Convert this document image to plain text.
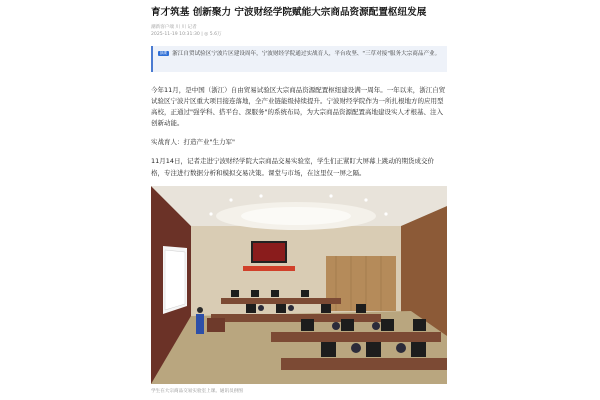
育才筑基 创新聚力 宁波财经学院赋能大宗商品资源配置枢纽发展
潮新客户端 川 川 记者
2025-11-19 10:31:30 | ◎ 5.6万
摘要 浙江自贸试验区宁波片区建设周年，宁波财经学院通过实战育人，平台攻坚、"三草对接"服务大宗商品产业。

今年11月，是中国（浙江）自由贸易试验区大宗商品资源配置枢纽建设满一周年。一年以来，浙江自贸试验区宁波片区重大项目接连落地，全产业链能级持续提升。宁波财经学院作为一所扎根地方的应用型高校，正通过"强学科、搭平台、深服务"的系统布局，为大宗商品资源配置高地建设实人才根基、注入创新动能。

实战育人：打造产业"生力军"

11月14日，记者走进宁波财经学院大宗商品交易实验室，学生们正紧盯大屏幕上跳动的期货成交价格，专注进行数据分析和模拟交易决策。课堂与市场，在这里仅一屏之隔。

学生在大宗商品交易实验室上课。通讯员供图
